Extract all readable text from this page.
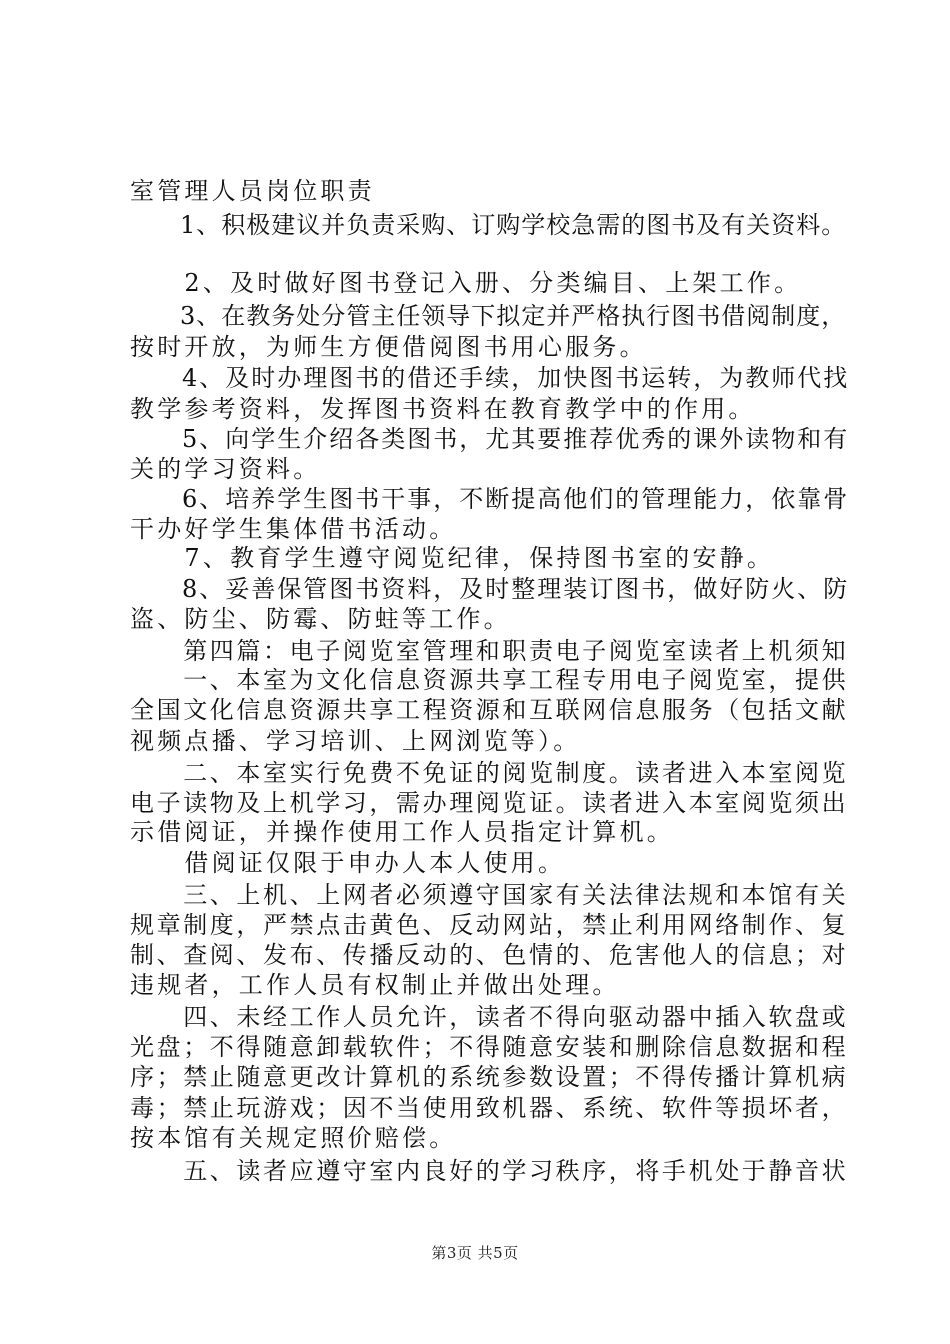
室管理人员岗位职责
　　1、积极建议并负责采购、订购学校急需的图书及有关资料。
　　2、及时做好图书登记入册、分类编目、上架工作。
　　3、在教务处分管主任领导下拟定并严格执行图书借阅制度，
按时开放，为师生方便借阅图书用心服务。
　　4、及时办理图书的借还手续，加快图书运转，为教师代找
教学参考资料，发挥图书资料在教育教学中的作用。
　　5、向学生介绍各类图书，尤其要推荐优秀的课外读物和有
关的学习资料。
　　6、培养学生图书干事，不断提高他们的管理能力，依靠骨
干办好学生集体借书活动。
　　7、教育学生遵守阅览纪律，保持图书室的安静。
　　8、妥善保管图书资料，及时整理装订图书，做好防火、防
盗、防尘、防霉、防蛀等工作。
　　第四篇：电子阅览室管理和职责电子阅览室读者上机须知
　　一、本室为文化信息资源共享工程专用电子阅览室，提供
全国文化信息资源共享工程资源和互联网信息服务（包括文献
视频点播、学习培训、上网浏览等）。
　　二、本室实行免费不免证的阅览制度。读者进入本室阅览
电子读物及上机学习，需办理阅览证。读者进入本室阅览须出
示借阅证，并操作使用工作人员指定计算机。
　　借阅证仅限于申办人本人使用。
　　三、上机、上网者必须遵守国家有关法律法规和本馆有关
规章制度，严禁点击黄色、反动网站，禁止利用网络制作、复
制、查阅、发布、传播反动的、色情的、危害他人的信息；对
违规者，工作人员有权制止并做出处理。
　　四、未经工作人员允许，读者不得向驱动器中插入软盘或
光盘；不得随意卸载软件；不得随意安装和删除信息数据和程
序；禁止随意更改计算机的系统参数设置；不得传播计算机病
毒；禁止玩游戏；因不当使用致机器、系统、软件等损坏者，
按本馆有关规定照价赔偿。
　　五、读者应遵守室内良好的学习秩序，将手机处于静音状
第3页 共5页
